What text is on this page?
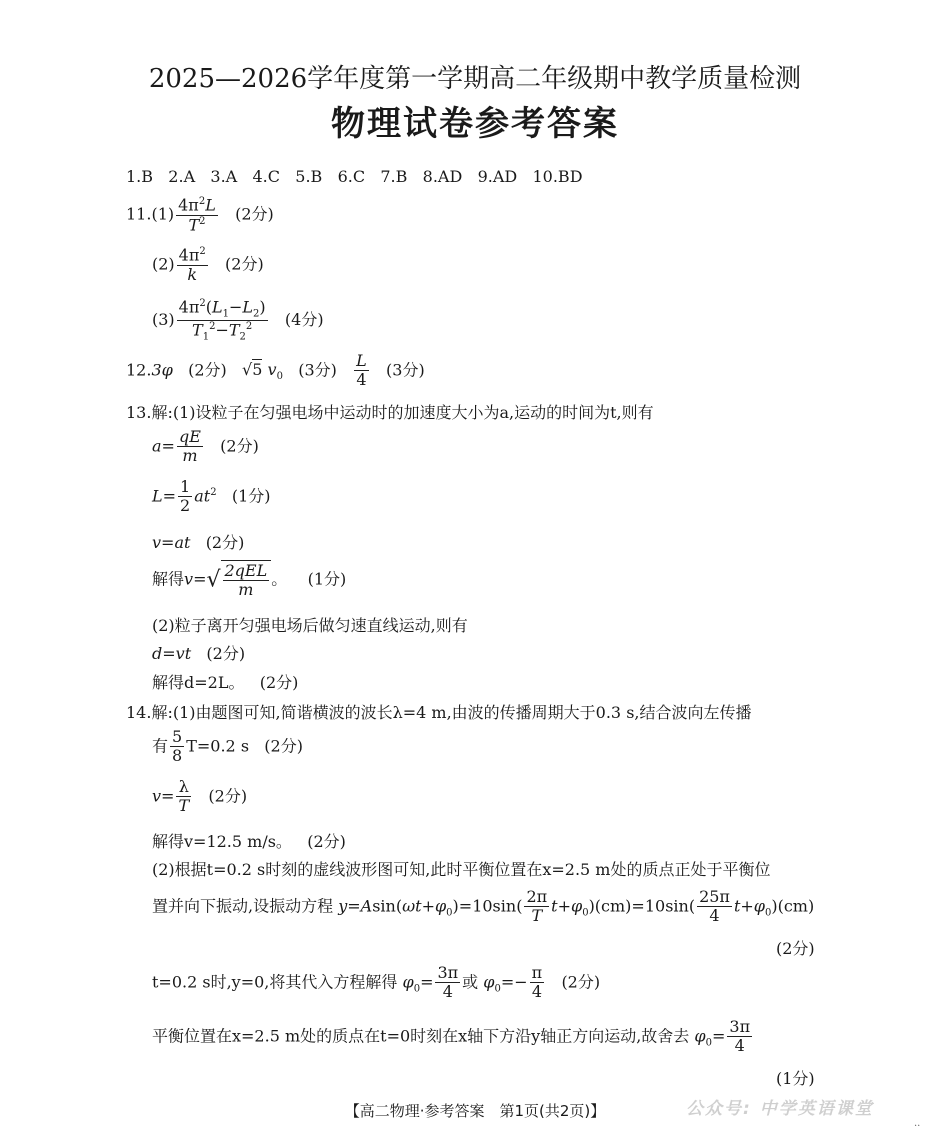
2025—2026学年度第一学期高二年级期中教学质量检测
物理试卷参考答案
1.B 2.A 3.A 4.C 5.B 6.C 7.B 8.AD 9.AD 10.BD
$11.(1) \frac{4\pi^2L}{T^2} (2$分)
$(2) \frac{4\pi^2}{k} (2$分)
$(3) \frac{4\pi^2(L_1-L_2)}{T_1^2-T_2^2} (4$分)
12.3φ (2分) √5 $v_0$ (3分) $\frac{L}{4} (3$分)
13.解:(1)设粒子在匀强电场中运动时的加速度大小为a,运动的时间为t,则有
$a= \frac{qE}{m} (2$分)
$L= \frac{1}{2} at^2$ (1分)
v=at (2分)
解得$v=√ \frac{\text{2qEL}}{m}$ 。 (1分)
(2)粒子离开匀强电场后做匀速直线运动,则有
d=vt (2分)
解得d=2L。 (2分)
14.解:(1)由题图可知,简谐横波的波长λ=4 m,由波的传播周期大于0.3 s,结合波向左传播
有 $\frac{5}{8} T=0.2$ s (2分)
$v= \frac{\lambda}{T} (2$分)
解得v=12.5 m/s。 (2分)
(2)根据t=0.2 s时刻的虚线波形图可知,此时平衡位置在x=2.5 m处的质点正处于平衡位
置并向下振动,设振动方程 $y=Asin(\omega t+\varphi_0)=10\sin( \frac{2\pi}{T} t+\varphi_0)(cm)=10\sin( \frac{25\pi}{4} t+\varphi_0)(cm)$
(2分)
t=0.2 s时,y=0,将其代入方程解得 $\varphi_0= \frac{3\pi}{4}$ 或 $\varphi_0=- \frac{\pi}{4} (2$分)
平衡位置在x=2.5 m处的质点在t=0时刻在x轴下方沿y轴正方向运动,故舍去 $\varphi_0= \frac{3\pi}{4}$
(1分)
【高二物理·参考答案　第1页(共2页)】	公众号: 中学英语课堂
..
